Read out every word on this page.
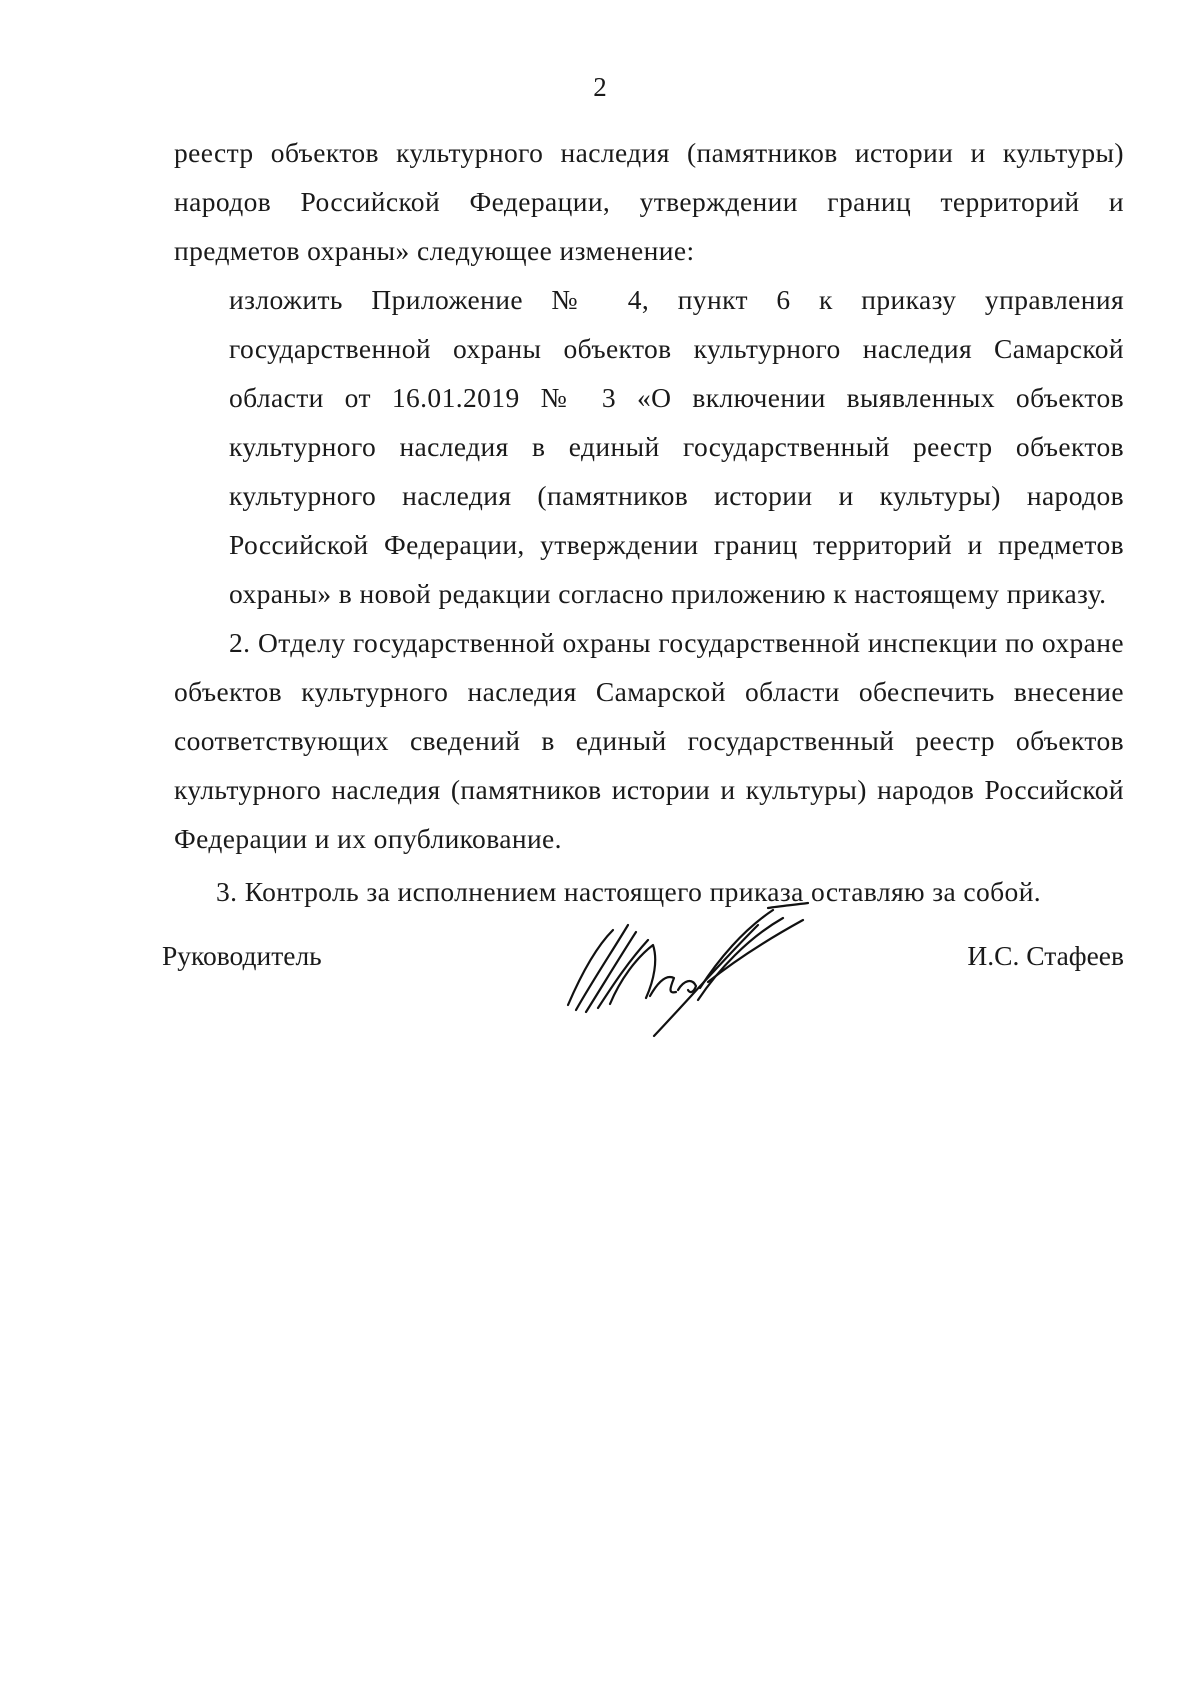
2

реестр объектов культурного наследия (памятников истории и культуры) народов Российской Федерации, утверждении границ территорий и предметов охраны» следующее изменение:

изложить Приложение № 4, пункт 6 к приказу управления государственной охраны объектов культурного наследия Самарской области от 16.01.2019 № 3 «О включении выявленных объектов культурного наследия в единый государственный реестр объектов культурного наследия (памятников истории и культуры) народов Российской Федерации, утверждении границ территорий и предметов охраны» в новой редакции согласно приложению к настоящему приказу.

2. Отделу государственной охраны государственной инспекции по охране объектов культурного наследия Самарской области обеспечить внесение соответствующих сведений в единый государственный реестр объектов культурного наследия (памятников истории и культуры) народов Российской Федерации и их опубликование.

3. Контроль за исполнением настоящего приказа оставляю за собой.

Руководитель	И.С. Стафеев
